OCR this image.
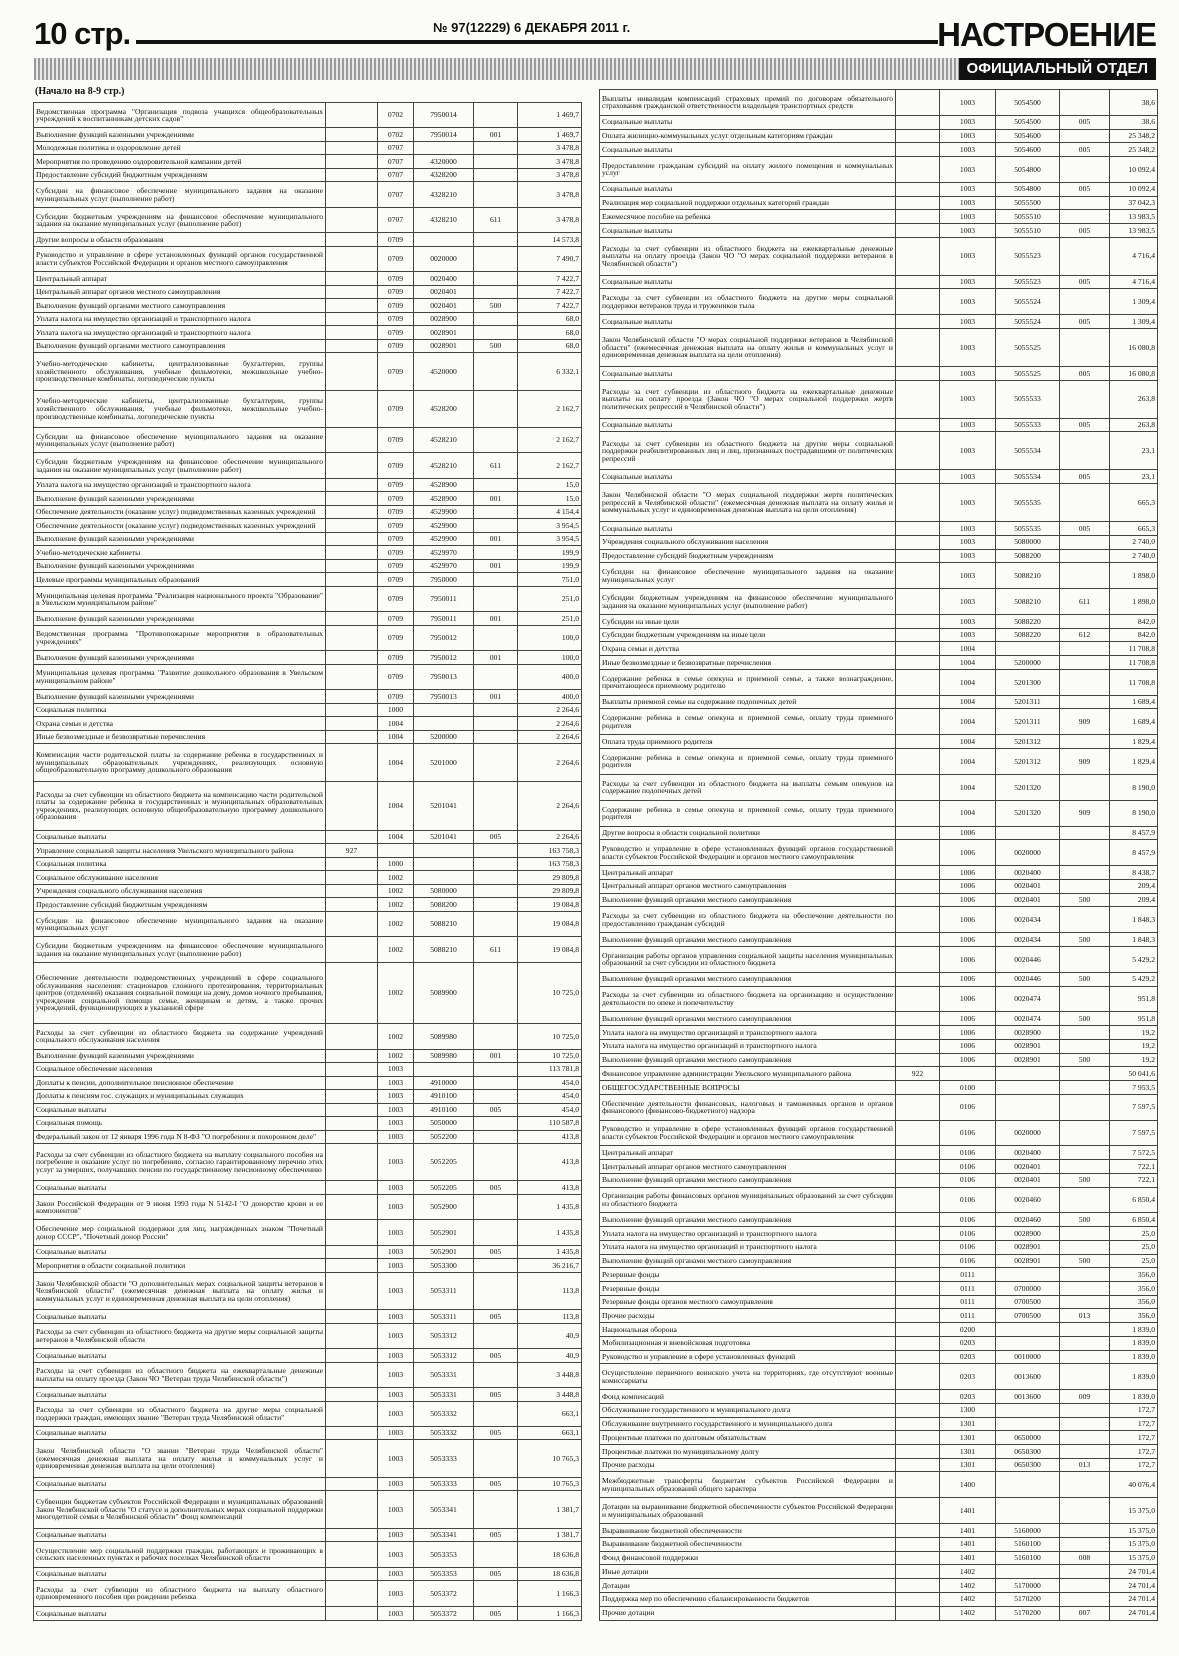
10 стр.	№ 97(12229) 6 ДЕКАБРЯ 2011 г.	НАСТРОЕНИЕ
ОФИЦИАЛЬНЫЙ ОТДЕЛ
(Начало на 8-9 стр.)
Ведомственная программа "Организация подвоза учащихся общеобразовательных учреждений к воспитанникам детских садов"		0702	7950014		1 469,7
Выполнение функций казенными учреждениями		0702	7950014	001	1 469,7
Молодежная политика и оздоровление детей		0707			3 478,8
Мероприятия по проведению оздоровительной кампании детей		0707	4320000		3 478,8
Предоставление субсидий бюджетным учреждениям		0707	4328200		3 478,8
Субсидии на финансовое обеспечение муниципального задания на оказание муниципальных услуг (выполнение работ)		0707	4328210		3 478,8
Субсидии бюджетным учреждениям на финансовое обеспечение муниципального задания на оказание муниципальных услуг (выполнение работ)		0707	4328210	611	3 478,8
Другие вопросы в области образования		0709			14 573,8
Руководство и управление в сфере установленных функций органов государственной власти субъектов Российской Федерации и органов местного самоуправления		0709	0020000		7 490,7
Центральный аппарат		0709	0020400		7 422,7
Центральный аппарат органов местного самоуправления		0709	0020401		7 422,7
Выполнение функций органами местного самоуправления		0709	0020401	500	7 422,7
Уплата налога на имущество организаций и транспортного налога		0709	0028900		68,0
Уплата налога на имущество организаций и транспортного налога		0709	0028901		68,0
Выполнение функций органами местного самоуправления		0709	0028901	500	68,0
Учебно-методические кабинеты, централизованные бухгалтерии, группы хозяйственного обслуживания, учебные фильмотеки, межшкольные учебно-производственные комбинаты, логопедические пункты		0709	4520000		6 332,1
Учебно-методические кабинеты, централизованные бухгалтерии, группы хозяйственного обслуживания, учебные фильмотеки, межшкольные учебно-производственные комбинаты, логопедические пункты		0709	4528200		2 162,7
Субсидии на финансовое обеспечение муниципального задания на оказание муниципальных услуг (выполнение работ)		0709	4528210		2 162,7
Субсидии бюджетным учреждениям на финансовое обеспечение муниципального задания на оказание муниципальных услуг (выполнение работ)		0709	4528210	611	2 162,7
Уплата налога на имущество организаций и транспортного налога		0709	4528900		15,0
Выполнение функций казенными учреждениями		0709	4528900	001	15,0
Обеспечение деятельности (оказание услуг) подведомственных казенных учреждений		0709	4529900		4 154,4
Обеспечение деятельности (оказание услуг) подведомственных казенных учреждений		0709	4529900		3 954,5
Выполнение функций казенными учреждениями		0709	4529900	001	3 954,5
Учебно-методические кабинеты		0709	4529970		199,9
Выполнение функций казенными учреждениями		0709	4529970	001	199,9
Целевые программы муниципальных образований		0709	7950000		751,0
Муниципальная целевая программа "Реализация национального проекта "Образование" в Увельском муниципальном районе"		0709	7950011		251,0
Выполнение функций казенными учреждениями		0709	7950011	001	251,0
Ведомственная программа "Противопожарные мероприятия в образовательных учреждениях"		0709	7950012		100,0
Выполнение функций казенными учреждениями		0709	7950012	001	100,0
Муниципальная целевая программа "Развитие дошкольного образования в Увельском муниципальном районе"		0709	7950013		400,0
Выполнение функций казенными учреждениями		0709	7950013	001	400,0
Социальная политика		1000			2 264,6
Охрана семьи и детства		1004			2 264,6
Иные безвозмездные и безвозвратные перечисления		1004	5200000		2 264,6
Компенсация части родительской платы за содержание ребенка в государственных и муниципальных образовательных учреждениях, реализующих основную общеобразовательную программу дошкольного образования		1004	5201000		2 264,6
Расходы за счет субвенции из областного бюджета на компенсацию части родительской платы за содержание ребенка в государственных и муниципальных образовательных учреждениях, реализующих основную общеобразовательную программу дошкольного образования		1004	5201041		2 264,6
Социальные выплаты		1004	5201041	005	2 264,6
Управление социальной защиты населения Увельского муниципального района	927				163 758,3
Социальная политика		1000			163 758,3
Социальное обслуживание населения		1002			29 809,8
Учреждения социального обслуживания населения		1002	5080000		29 809,8
Предоставление субсидий бюджетным учреждениям		1002	5088200		19 084,8
Субсидии на финансовое обеспечение муниципального задания на оказание муниципальных услуг		1002	5088210		19 084,8
Субсидии бюджетным учреждениям на финансовое обеспечение муниципального задания на оказание муниципальных услуг (выполнение работ)		1002	5088210	611	19 084,8
Обеспечение деятельности подведомственных учреждений в сфере социального обслуживания населения: стационаров сложного протезирования, территориальных центров (отделений) оказания социальной помощи на дому, домов ночного пребывания, учреждения социальной помощи семье, женщинам и детям, а также прочих учреждений, функционирующих в указанной сфере		1002	5089900		10 725,0
Расходы за счет субвенции из областного бюджета на содержание учреждений социального обслуживания населения		1002	5089980		10 725,0
Выполнение функций казенными учреждениями		1002	5089980	001	10 725,0
Социальное обеспечение населения		1003			113 781,8
Доплаты к пенсии, дополнительное пенсионное обеспечение		1003	4910000		454,0
Доплаты к пенсиям гос. служащих и муниципальных служащих		1003	4910100		454,0
Социальные выплаты		1003	4910100	005	454,0
Социальная помощь		1003	5050000		110 587,8
Федеральный закон от 12 января 1996 года N 8-ФЗ "О погребении и похоронном деле"		1003	5052200		413,8
Расходы за счет субвенции из областного бюджета на выплату социального пособия на погребение и оказание услуг по погребению, согласно гарантированному перечню этих услуг за умерших, получавших пенсии по государственному пенсионному обеспечению		1003	5052205		413,8
Социальные выплаты		1003	5052205	005	413,8
Закон Российской Федерации от 9 июня 1993 года N 5142-I "О донорстве крови и ее компонентов"		1003	5052900		1 435,8
Обеспечение мер социальной поддержки для лиц, награжденных знаком "Почетный донор СССР", "Почетный донор России"		1003	5052901		1 435,8
Социальные выплаты		1003	5052901	005	1 435,8
Мероприятия в области социальной политики		1003	5053300		36 216,7
Закон Челябинской области "О дополнительных мерах социальной защиты ветеранов в Челябинской области" (ежемесячная денежная выплата на оплату жилья и коммунальных услуг и единовременная денежная выплата на цели отопления)		1003	5053311		113,8
Социальные выплаты		1003	5053311	005	113,8
Расходы за счет субвенции из областного бюджета на другие меры социальной защиты ветеранов в Челябинской области		1003	5053312		40,9
Социальные выплаты		1003	5053312	005	40,9
Расходы за счет субвенции из областного бюджета на ежеквартальные денежные выплаты на оплату проезда (Закон ЧО "Ветеран труда Челябинской области")		1003	5053331		3 448,8
Социальные выплаты		1003	5053331	005	3 448,8
Расходы за счет субвенции из областного бюджета на другие меры социальной поддержки граждан, имеющих звание "Ветеран труда Челябинской области"		1003	5053332		663,1
Социальные выплаты		1003	5053332	005	663,1
Закон Челябинской области "О звании "Ветеран труда Челябинской области" (ежемесячная денежная выплата на оплату жилья и коммунальных услуг и единовременная денежная выплата на цели отопления)		1003	5053333		10 765,3
Социальные выплаты		1003	5053333	005	10 765,3
Субвенции бюджетам субъектов Российской Федерации и муниципальных образований Закон Челябинской области "О статусе и дополнительных мерах социальной поддержки многодетной семьи в Челябинской области" Фонд компенсаций		1003	5053341		1 381,7
Социальные выплаты		1003	5053341	005	1 381,7
Осуществление мер социальной поддержки граждан, работающих и проживающих в сельских населенных пунктах и рабочих поселках Челябинской области		1003	5053353		18 636,8
Социальные выплаты		1003	5053353	005	18 636,8
Расходы за счет субвенции из областного бюджета на выплату областного единовременного пособия при рождении ребенка		1003	5053372		1 166,3
Социальные выплаты		1003	5053372	005	1 166,3
Выплаты инвалидам компенсаций страховых премий по договорам обязательного страхования гражданской ответственности владельцев транспортных средств		1003	5054500		38,6
Социальные выплаты		1003	5054500	005	38,6
Оплата жилищно-коммунальных услуг отдельным категориям граждан		1003	5054600		25 348,2
Социальные выплаты		1003	5054600	005	25 348,2
Предоставление гражданам субсидий на оплату жилого помещения и коммунальных услуг		1003	5054800		10 092,4
Социальные выплаты		1003	5054800	005	10 092,4
Реализация мер социальной поддержки отдельных категорий граждан		1003	5055500		37 042,3
Ежемесячное пособие на ребенка		1003	5055510		13 983,5
Социальные выплаты		1003	5055510	005	13 983,5
Расходы за счет субвенции из областного бюджета на ежеквартальные денежные выплаты на оплату проезда (Закон ЧО "О мерах социальной поддержки ветеранов в Челябинской области")		1003	5055523		4 716,4
Социальные выплаты		1003	5055523	005	4 716,4
Расходы за счет субвенции из областного бюджета на другие меры социальной поддержки ветеранов труда и тружеников тыла		1003	5055524		1 309,4
Социальные выплаты		1003	5055524	005	1 309,4
Закон Челябинской области "О мерах социальной поддержки ветеранов в Челябинской области" (ежемесячная денежная выплата на оплату жилья и коммунальных услуг и единовременная денежная выплата на цели отопления)		1003	5055525		16 080,8
Социальные выплаты		1003	5055525	005	16 080,8
Расходы за счет субвенции из областного бюджета на ежеквартальные денежные выплаты на оплату проезда (Закон ЧО "О мерах социальной поддержки жертв политических репрессий в Челябинской области")		1003	5055533		263,8
Социальные выплаты		1003	5055533	005	263,8
Расходы за счет субвенции из областного бюджета на другие меры социальной поддержки реабилитированных лиц и лиц, признанных пострадавшими от политических репрессий		1003	5055534		23,1
Социальные выплаты		1003	5055534	005	23,1
Закон Челябинской области "О мерах социальной поддержки жертв политических репрессий в Челябинской области" (ежемесячная денежная выплата на оплату жилья и коммунальных услуг и единовременная денежная выплата на цели отопления)		1003	5055535		665,3
Социальные выплаты		1003	5055535	005	665,3
Учреждения социального обслуживания населения		1003	5080000		2 740,0
Предоставление субсидий бюджетным учреждениям		1003	5088200		2 740,0
Субсидии на финансовое обеспечение муниципального задания на оказание муниципальных услуг		1003	5088210		1 898,0
Субсидии бюджетным учреждениям на финансовое обеспечение муниципального задания на оказание муниципальных услуг (выполнение работ)		1003	5088210	611	1 898,0
Субсидии на иные цели		1003	5088220		842,0
Субсидии бюджетным учреждениям на иные цели		1003	5088220	612	842,0
Охрана семьи и детства		1004			11 708,8
Иные безвозмездные и безвозвратные перечисления		1004	5200000		11 708,8
Содержание ребенка в семье опекуна и приемной семье, а также вознаграждение, причитающееся приемному родителю		1004	5201300		11 708,8
Выплаты приемной семье на содержание подопечных детей		1004	5201311		1 689,4
Содержание ребенка в семье опекуна и приемной семье, оплату труда приемного родителя		1004	5201311	909	1 689,4
Оплата труда приемного родителя		1004	5201312		1 829,4
Содержание ребенка в семье опекуна и приемной семье, оплату труда приемного родителя		1004	5201312	909	1 829,4
Расходы за счет субвенции из областного бюджета на выплаты семьям опекунов на содержание подопечных детей		1004	5201320		8 190,0
Содержание ребенка в семье опекуна и приемной семье, оплату труда приемного родителя		1004	5201320	909	8 190,0
Другие вопросы в области социальной политики		1006			8 457,9
Руководство и управление в сфере установленных функций органов государственной власти субъектов Российской Федерации и органов местного самоуправления		1006	0020000		8 457,9
Центральный аппарат		1006	0020400		8 438,7
Центральный аппарат органов местного самоуправления		1006	0020401		209,4
Выполнение функций органами местного самоуправления		1006	0020401	500	209,4
Расходы за счет субвенции из областного бюджета на обеспечение деятельности по предоставлению гражданам субсидий		1006	0020434		1 848,3
Выполнение функций органами местного самоуправления		1006	0020434	500	1 848,3
Организация работы органов управления социальной защиты населения муниципальных образований за счет субсидии из областного бюджета		1006	0020446		5 429,2
Выполнение функций органами местного самоуправления		1006	0020446	500	5 429,2
Расходы за счет субвенции из областного бюджета на организацию и осуществление деятельности по опеке и попечительству		1006	0020474		951,8
Выполнение функций органами местного самоуправления		1006	0020474	500	951,8
Уплата налога на имущество организаций и транспортного налога		1006	0028900		19,2
Уплата налога на имущество организаций и транспортного налога		1006	0028901		19,2
Выполнение функций органами местного самоуправления		1006	0028901	500	19,2
Финансовое управление администрации Увельского муниципального района	922				50 041,6
ОБЩЕГОСУДАРСТВЕННЫЕ ВОПРОСЫ		0100			7 953,5
Обеспечение деятельности финансовых, налоговых и таможенных органов и органов финансового (финансово-бюджетного) надзора		0106			7 597,5
Руководство и управление в сфере установленных функций органов государственной власти субъектов Российской Федерации и органов местного самоуправления		0106	0020000		7 597,5
Центральный аппарат		0106	0020400		7 572,5
Центральный аппарат органов местного самоуправления		0106	0020401		722,1
Выполнение функций органами местного самоуправления		0106	0020401	500	722,1
Организация работы финансовых органов муниципальных образований за счет субсидии из областного бюджета		0106	0020460		6 850,4
Выполнение функций органами местного самоуправления		0106	0020460	500	6 850,4
Уплата налога на имущество организаций и транспортного налога		0106	0028900		25,0
Уплата налога на имущество организаций и транспортного налога		0106	0028901		25,0
Выполнение функций органами местного самоуправления		0106	0028901	500	25,0
Резервные фонды		0111			356,0
Резервные фонды		0111	0700000		356,0
Резервные фонды органов местного самоуправления		0111	0700500		356,0
Прочие расходы		0111	0700500	013	356,0
Национальная оборона		0200			1 839,0
Мобилизационная и вневойсковая подготовка		0203			1 839,0
Руководство и управление в сфере установленных функций		0203	0010000		1 839,0
Осуществление первичного воинского учета на территориях, где отсутствуют военные комиссариаты		0203	0013600		1 839,0
Фонд компенсаций		0203	0013600	009	1 839,0
Обслуживание государственного и муниципального долга		1300			172,7
Обслуживание внутреннего государственного и муниципального долга		1301			172,7
Процентные платежи по долговым обязательствам		1301	0650000		172,7
Процентные платежи по муниципальному долгу		1301	0650300		172,7
Прочие расходы		1301	0650300	013	172,7
Межбюджетные трансферты бюджетам субъектов Российской Федерации и муниципальных образований общего характера		1400			40 076,4
Дотации на выравнивание бюджетной обеспеченности субъектов Российской Федерации и муниципальных образований		1401			15 375,0
Выравнивание бюджетной обеспеченности		1401	5160000		15 375,0
Выравнивание бюджетной обеспеченности		1401	5160100		15 375,0
Фонд финансовой поддержки		1401	5160100	008	15 375,0
Иные дотации		1402			24 701,4
Дотации		1402	5170000		24 701,4
Поддержка мер по обеспечению сбалансированности бюджетов		1402	5170200		24 701,4
Прочие дотации		1402	5170200	007	24 701,4
